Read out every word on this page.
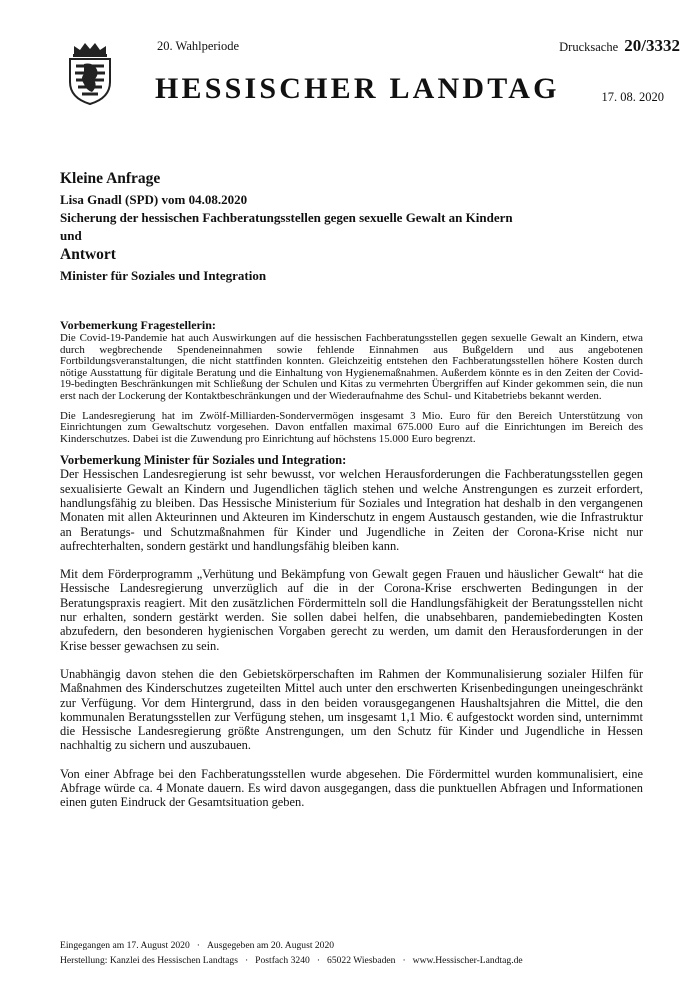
20. Wahlperiode	Drucksache 20/3332
HESSISCHER LANDTAG	17. 08. 2020
Kleine Anfrage
Lisa Gnadl (SPD) vom 04.08.2020
Sicherung der hessischen Fachberatungsstellen gegen sexuelle Gewalt an Kindern
und
Antwort
Minister für Soziales und Integration
Vorbemerkung Fragestellerin:

Die Covid-19-Pandemie hat auch Auswirkungen auf die hessischen Fachberatungsstellen gegen sexuelle Gewalt an Kindern, etwa durch wegbrechende Spendeneinnahmen sowie fehlende Einnahmen aus Bußgeldern und aus angebotenen Fortbildungsveranstaltungen, die nicht stattfinden konnten. Gleichzeitig entstehen den Fachberatungsstellen höhere Kosten durch nötige Ausstattung für digitale Beratung und die Einhaltung von Hygienemaßnahmen. Außerdem könnte es in den Zeiten der Covid-19-bedingten Beschränkungen mit Schließung der Schulen und Kitas zu vermehrten Übergriffen auf Kinder gekommen sein, die nun erst nach der Lockerung der Kontaktbeschränkungen und der Wiederaufnahme des Schul- und Kitabetriebs bekannt werden.

Die Landesregierung hat im Zwölf-Milliarden-Sondervermögen insgesamt 3 Mio. Euro für den Bereich Unterstützung von Einrichtungen zum Gewaltschutz vorgesehen. Davon entfallen maximal 675.000 Euro auf die Einrichtungen im Bereich des Kinderschutzes. Dabei ist die Zuwendung pro Einrichtung auf höchstens 15.000 Euro begrenzt.

Vorbemerkung Minister für Soziales und Integration:

Der Hessischen Landesregierung ist sehr bewusst, vor welchen Herausforderungen die Fachberatungsstellen gegen sexualisierte Gewalt an Kindern und Jugendlichen täglich stehen und welche Anstrengungen es zurzeit erfordert, handlungsfähig zu bleiben. Das Hessische Ministerium für Soziales und Integration hat deshalb in den vergangenen Monaten mit allen Akteurinnen und Akteuren im Kinderschutz in engem Austausch gestanden, wie die Infrastruktur an Beratungs- und Schutzmaßnahmen für Kinder und Jugendliche in Zeiten der Corona-Krise nicht nur aufrechterhalten, sondern gestärkt und handlungsfähig bleiben kann.

Mit dem Förderprogramm „Verhütung und Bekämpfung von Gewalt gegen Frauen und häuslicher Gewalt“ hat die Hessische Landesregierung unverzüglich auf die in der Corona-Krise erschwerten Bedingungen in der Beratungspraxis reagiert. Mit den zusätzlichen Fördermitteln soll die Handlungsfähigkeit der Beratungsstellen nicht nur erhalten, sondern gestärkt werden. Sie sollen dabei helfen, die unabsehbaren, pandemiebedingten Kosten abzufedern, den besonderen hygienischen Vorgaben gerecht zu werden, um damit den Herausforderungen in der Krise besser gewachsen zu sein.

Unabhängig davon stehen die den Gebietskörperschaften im Rahmen der Kommunalisierung sozialer Hilfen für Maßnahmen des Kinderschutzes zugeteilten Mittel auch unter den erschwerten Krisenbedingungen uneingeschränkt zur Verfügung. Vor dem Hintergrund, dass in den beiden vorausgegangenen Haushaltsjahren die Mittel, die den kommunalen Beratungsstellen zur Verfügung stehen, um insgesamt 1,1 Mio. € aufgestockt worden sind, unternimmt die Hessische Landesregierung größte Anstrengungen, um den Schutz für Kinder und Jugendliche in Hessen nachhaltig zu sichern und auszubauen.

Von einer Abfrage bei den Fachberatungsstellen wurde abgesehen. Die Fördermittel wurden kommunalisiert, eine Abfrage würde ca. 4 Monate dauern. Es wird davon ausgegangen, dass die punktuellen Abfragen und Informationen einen guten Eindruck der Gesamtsituation geben.

Eingegangen am 17. August 2020 · Ausgegeben am 20. August 2020
Herstellung: Kanzlei des Hessischen Landtags · Postfach 3240 · 65022 Wiesbaden · www.Hessischer-Landtag.de
